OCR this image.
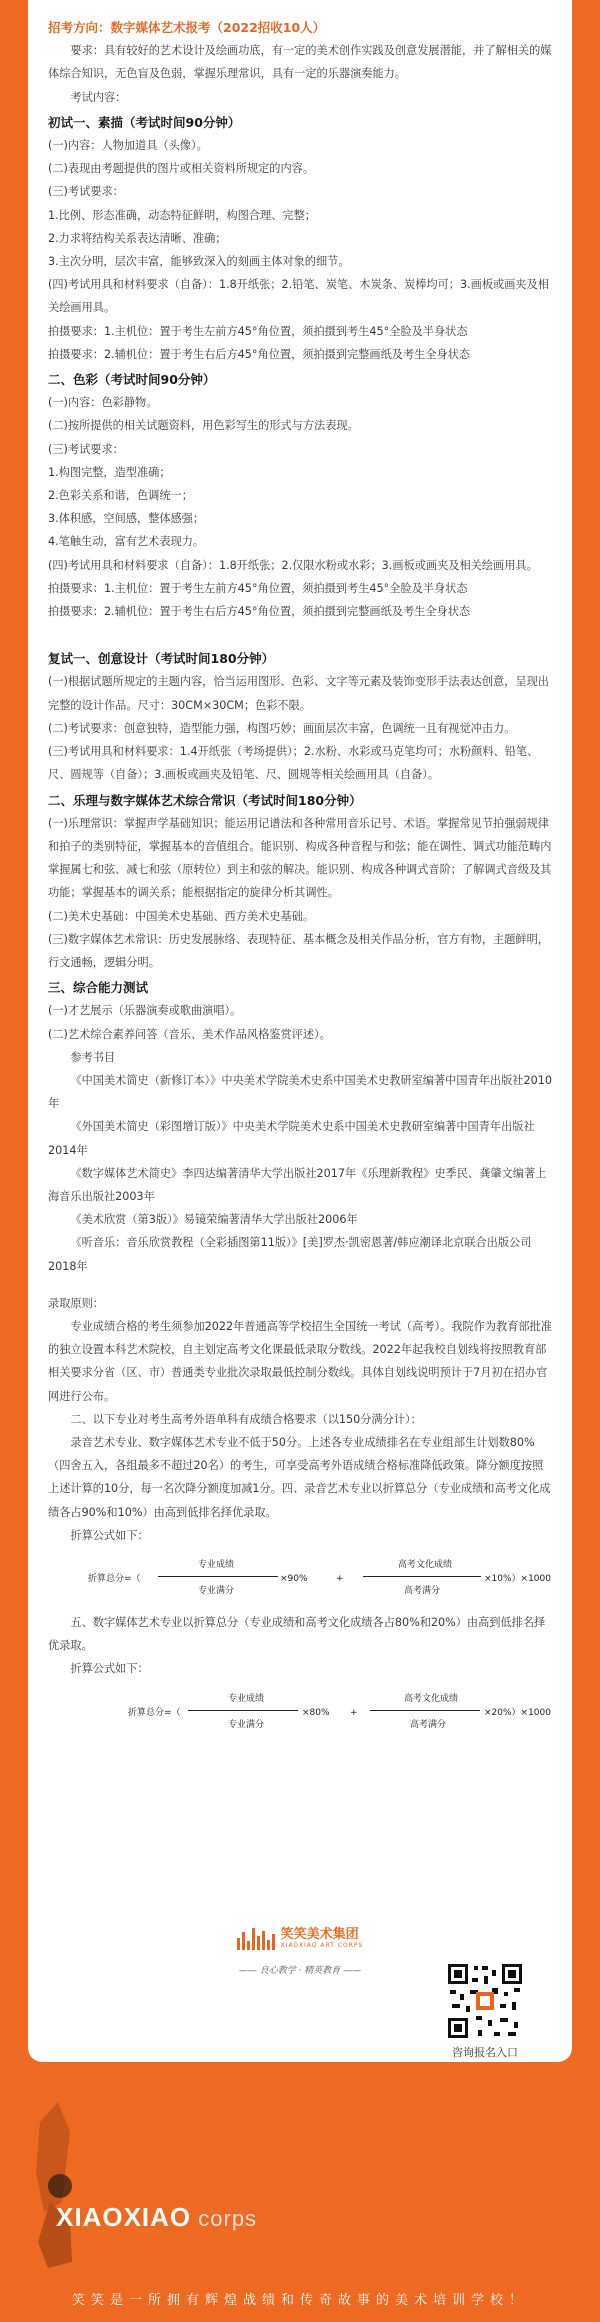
招考方向：数字媒体艺术报考（2022招收10人）

要求：具有较好的艺术设计及绘画功底，有一定的美术创作实践及创意发展潜能，并了解相关的媒体综合知识，无色盲及色弱，掌握乐理常识，具有一定的乐器演奏能力。

考试内容：

初试一、素描（考试时间90分钟）

(一)内容：人物加道具（头像）。

(二)表现由考题提供的图片或相关资料所规定的内容。

(三)考试要求：

1.比例、形态准确，动态特征鲜明，构图合理、完整；

2.力求将结构关系表达清晰、准确；

3.主次分明，层次丰富，能够致深入的刻画主体对象的细节。

(四)考试用具和材料要求（自备）：1.8开纸张；2.铅笔、炭笔、木炭条、炭棒均可；3.画板或画夹及相关绘画用具。

拍摄要求：1.主机位：置于考生左前方45°角位置，须拍摄到考生45°全脸及半身状态

拍摄要求：2.辅机位：置于考生右后方45°角位置，须拍摄到完整画纸及考生全身状态

二、色彩（考试时间90分钟）

(一)内容：色彩静物。

(二)按所提供的相关试题资料，用色彩写生的形式与方法表现。

(三)考试要求：

1.构图完整，造型准确；

2.色彩关系和谐，色调统一；

3.体积感，空间感，整体感强；

4.笔触生动，富有艺术表现力。

(四)考试用具和材料要求（自备）：1.8开纸张；2.仅限水粉或水彩；3.画板或画夹及相关绘画用具。

拍摄要求：1.主机位：置于考生左前方45°角位置，须拍摄到考生45°全脸及半身状态

拍摄要求：2.辅机位：置于考生右后方45°角位置，须拍摄到完整画纸及考生全身状态

复试一、创意设计（考试时间180分钟）

(一)根据试题所规定的主题内容，恰当运用图形、色彩、文字等元素及装饰变形手法表达创意，呈现出完整的设计作品。尺寸：30CM×30CM；色彩不限。

(二)考试要求：创意独特，造型能力强，构图巧妙；画面层次丰富，色调统一且有视觉冲击力。

(三)考试用具和材料要求：1.4开纸张（考场提供）；2.水粉、水彩或马克笔均可；水粉颜料、铅笔、尺、圆规等（自备）；3.画板或画夹及铅笔、尺、圆规等相关绘画用具（自备）。

二、乐理与数字媒体艺术综合常识（考试时间180分钟）

(一)乐理常识：掌握声学基础知识；能运用记谱法和各种常用音乐记号、术语。掌握常见节拍强弱规律和拍子的类别特征，掌握基本的音值组合。能识别、构成各种音程与和弦；能在调性、调式功能范畴内掌握属七和弦、减七和弦（原转位）到主和弦的解决。能识别、构成各种调式音阶；了解调式音级及其功能；掌握基本的调关系；能根据指定的旋律分析其调性。

(二)美术史基础：中国美术史基础、西方美术史基础。

(三)数字媒体艺术常识：历史发展脉络、表现特征、基本概念及相关作品分析，官方有物，主题鲜明，行文通畅，逻辑分明。

三、综合能力测试

(一)才艺展示（乐器演奏或歌曲演唱）。

(二)艺术综合素养问答（音乐、美术作品风格鉴赏评述）。

参考书目

《中国美术简史（新修订本）》中央美术学院美术史系中国美术史教研室编著中国青年出版社2010年

《外国美术简史（彩图增订版）》中央美术学院美术史系中国美术史教研室编著中国青年出版社2014年

《数字媒体艺术简史》李四达编著清华大学出版社2017年《乐理新教程》史季民、龚肇文编著上海音乐出版社2003年

《美术欣赏（第3版）》易镜荣编著清华大学出版社2006年

《听音乐：音乐欣赏教程（全彩插图第11版）》[美]罗杰·凯密恩著/韩应潮译北京联合出版公司2018年

录取原则：

专业成绩合格的考生须参加2022年普通高等学校招生全国统一考试（高考）。我院作为教育部批准的独立设置本科艺术院校，自主划定高考文化课最低录取分数线。2022年起我校自划线将按照教育部相关要求分省（区、市）普通类专业批次录取最低控制分数线。具体自划线说明预计于7月初在招办官网进行公布。

二、以下专业对考生高考外语单科有成绩合格要求（以150分满分计）：

录音艺术专业、数字媒体艺术专业不低于50分。上述各专业成绩排名在专业组部生计划数80%（四舍五入，各组最多不超过20名）的考生，可享受高考外语成绩合格标准降低政策。降分额度按照上述计算的10分，每一名次降分额度加减1分。四、录音艺术专业以折算总分（专业成绩和高考文化成绩各占90%和10%）由高到低排名择优录取。

折算公式如下：

折算总分=（
专业成绩
专业满分
×90%	+
高考文化成绩
高考满分
×10%）×1000

五、数字媒体艺术专业以折算总分（专业成绩和高考文化成绩各占80%和20%）由高到低排名择优录取。

折算公式如下：

折算总分=（
专业成绩
专业满分
×80% +
高考文化成绩
高考满分
×20%）×1000
笑笑美术集团
XIAOXIAO ART CORPS
—— 良心教学 · 精英教育 ——
咨询报名入口
XIAOXIAO corps
笑笑是一所拥有辉煌战绩和传奇故事的美术培训学校！
